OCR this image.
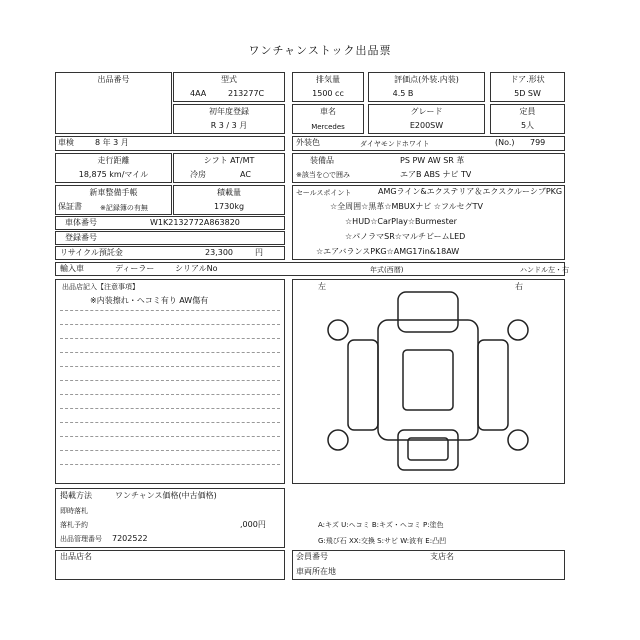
ワンチャンストック出品票
出品番号	型式
4AA	213277C
排気量
1500 cc
評価点(外装.内装)
4.5 B
ドア.形状
5D SW
初年度登録
R 3 / 3 月
車名
Mercedes
グレード
E200SW
定員
5人
車検	8 年 3 月	外装色	ダイヤモンドホワイト	(No.) 799
走行距離
18,875 km/マイル
シフト AT/MT
冷房	AC
装備品
※該当を○で囲み
PS PW AW SR 革
エアB ABS ナビ TV
新車整備手帳
保証書	※記録簿の有無
積載量
1730kg
セールスポイント	AMGライン&エクステリア＆エクスクルーシブPKG
☆全周囲☆黒革☆MBUXナビ ☆フルセグTV
☆HUD☆CarPlay☆Burmester
☆パノラマSR☆マルチビームLED
☆エアバランスPKG☆AMG17in&18AW
車体番号	W1K2132772A863820
登録番号
リサイクル預託金	23,300	円
輸入車	ディーラー	シリアルNo	年式(西暦)	ハンドル左・右
出品店記入【注意事項】
※内装擦れ・ヘコミ有り AW傷有
左	右
A:キズ U:ヘコミ B:キズ・ヘコミ P:塗色
G:飛び石 XX:交換 S:サビ W:波有 E:凸凹
掲載方法	ワンチャンス価格(中古価格)
即時落札
落札予約	,000円
出品管理番号 7202522
出品店名	会員番号	支店名
車両所在地
